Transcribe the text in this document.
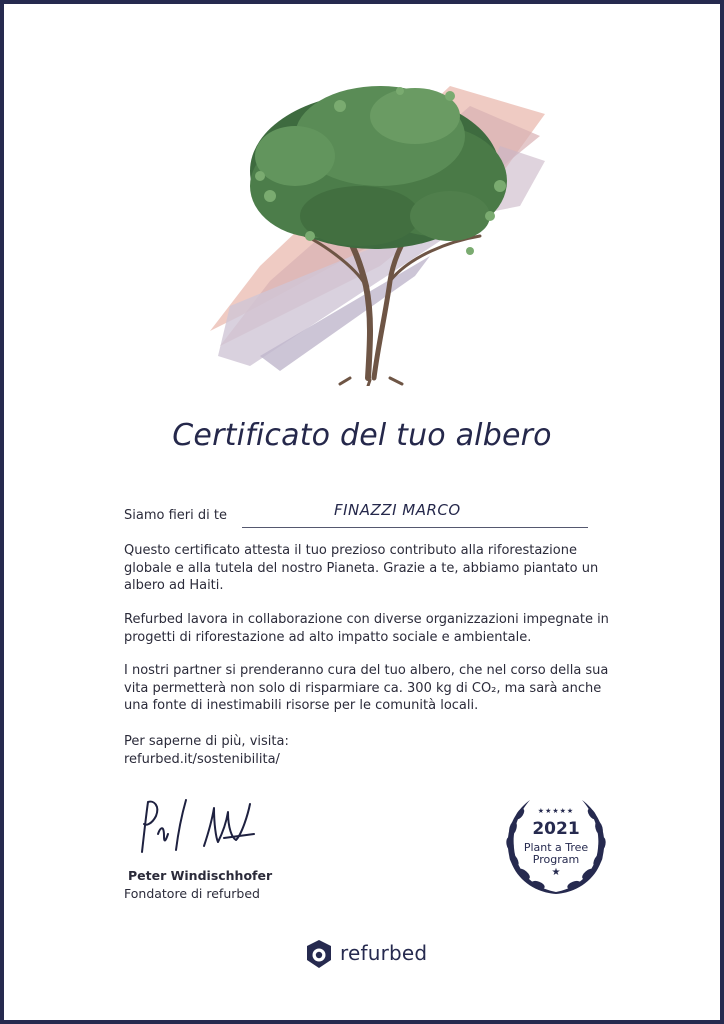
Certificato del tuo albero
Siamo fieri di te	FINAZZI MARCO

Questo certificato attesta il tuo prezioso contributo alla riforestazione globale e alla tutela del nostro Pianeta. Grazie a te, abbiamo piantato un albero ad Haiti.

Refurbed lavora in collaborazione con diverse organizzazioni impegnate in progetti di riforestazione ad alto impatto sociale e ambientale.

I nostri partner si prenderanno cura del tuo albero, che nel corso della sua vita permetterà non solo di risparmiare ca. 300 kg di CO₂, ma sarà anche una fonte di inestimabili risorse per le comunità locali.

Per saperne di più, visita:

refurbed.it/sostenibilita/

Peter Windischhofer
Fondatore di refurbed
★★★★★
2021
Plant a Tree
Program
★
refurbed
